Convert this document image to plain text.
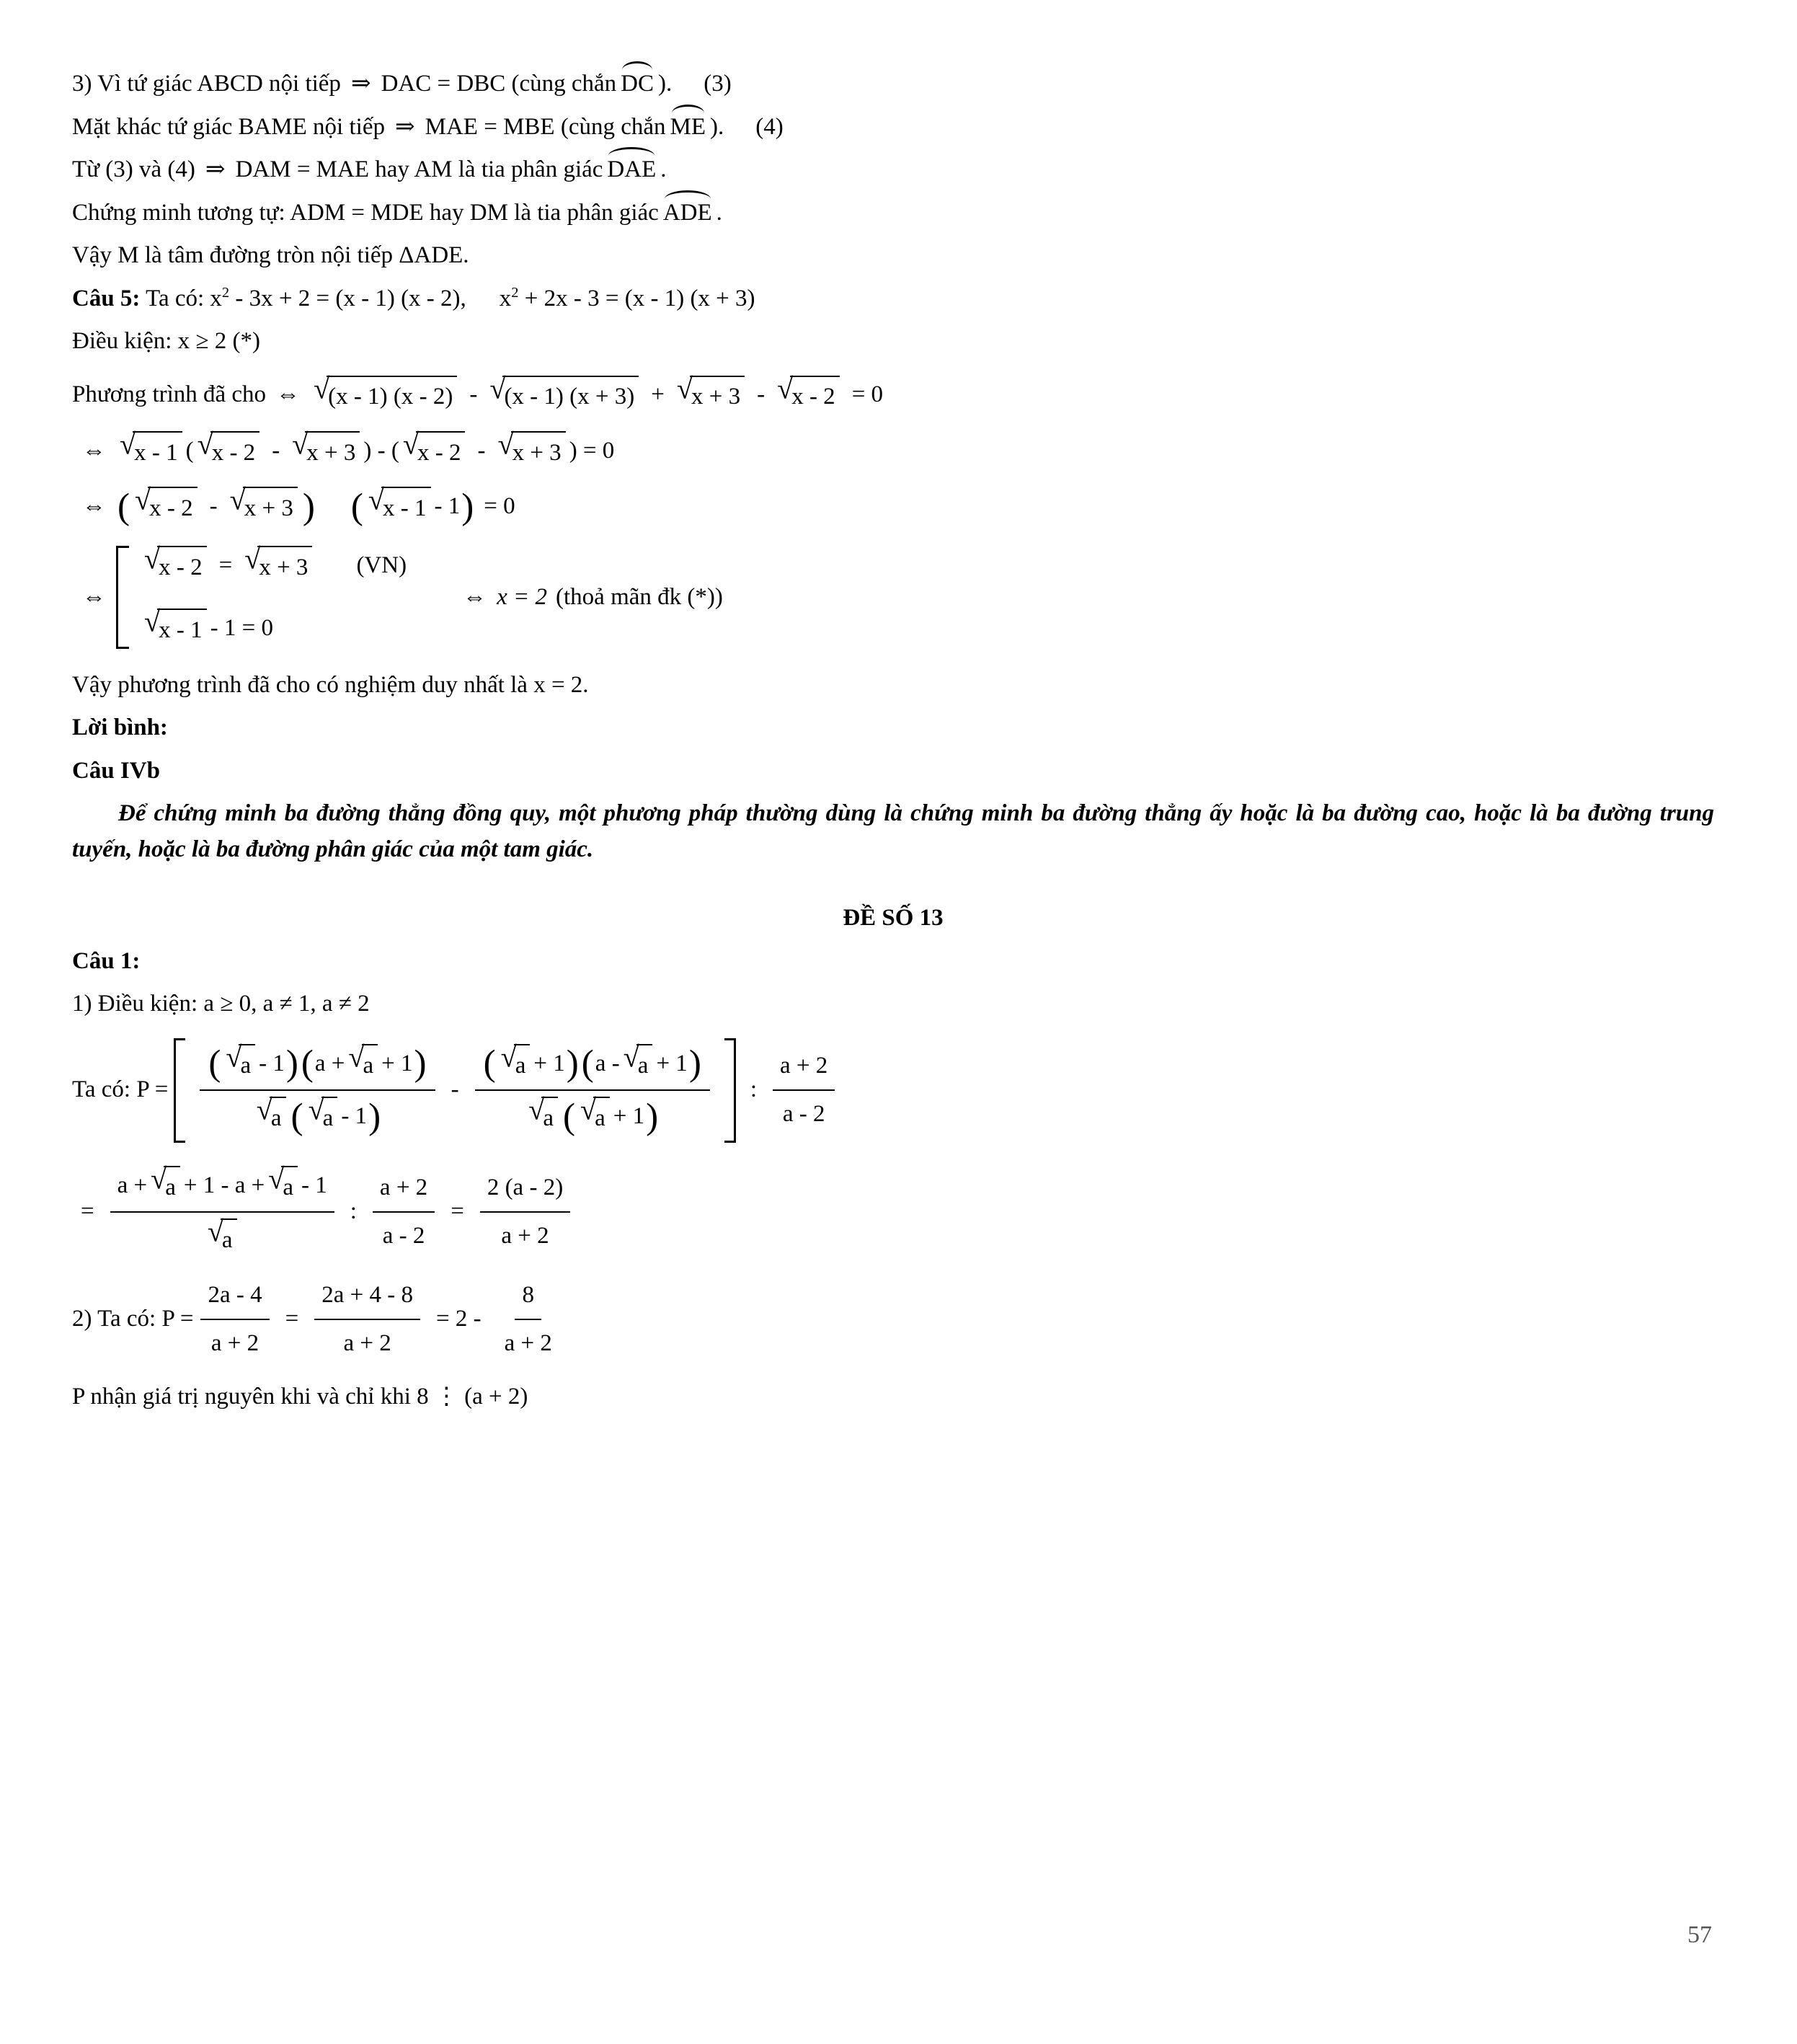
3) Vì tứ giác ABCD nội tiếp ⇒ DAC = DBC (cùng chắn DC ). (3)

Mặt khác tứ giác BAME nội tiếp ⇒ MAE = MBE (cùng chắn ME ). (4)

Từ (3) và (4) ⇒ DAM = MAE hay AM là tia phân giác DAE .

Chứng minh tương tự: ADM = MDE hay DM là tia phân giác ADE .

Vậy M là tâm đường tròn nội tiếp ΔADE.

Câu 5: Ta có: $x^2 - 3x + 2 = (x - 1)$ (x - 2), $x^2 + 2x - 3 = (x - 1) (x + 3)$

Điều kiện: x ≥ 2 (*)

Phương trình đã cho ⇔ √
(x - 1) (x - 2) - √
(x - 1) (x + 3) + √
x + 3 - √
x - 2 = 0
⇔ √
x - 1 ( √
x - 2 - √
x + 3 ) - ( √
x - 2 - √
x + 3 ) = 0
⇔ ( √
x - 2 - √
x + 3 ) ( √
x - 1 - 1 ) = 0
⇔
√
x - 2 = √
x + 3 (VN)
√
x - 1 - 1 = 0
⇔ x = 2 (thoả mãn đk (*))

Vậy phương trình đã cho có nghiệm duy nhất là x = 2.

Lời bình:

Câu IVb

Để chứng minh ba đường thẳng đồng quy, một phương pháp thường dùng là chứng minh ba đường thẳng ấy hoặc là ba đường cao, hoặc là ba đường trung tuyến, hoặc là ba đường phân giác của một tam giác.

ĐỀ SỐ 13

Câu 1:

1) Điều kiện: a ≥ 0, a ≠ 1, a ≠ 2

Ta có: P =
( √
a - 1 ) ( a + √
a + 1 )
√
a ( √
a - 1 )
-
( √
a + 1 ) ( a - √
a + 1 )
√
a ( √
a + 1 )
: $\frac{a + 2}{a - 2}$
=
a + √
a + 1 - a + √
a - 1
√
a
: $\frac{a + 2}{a - 2} = \frac{2 (a - 2)}{a + 2}$
2) Ta có: $P = \frac{2a - 4}{a + 2} = \frac{2a + 4 - 8}{a + 2} = 2 - \frac{8}{a + 2}$

P nhận giá trị nguyên khi và chỉ khi 8 ⋮ (a + 2)

57
